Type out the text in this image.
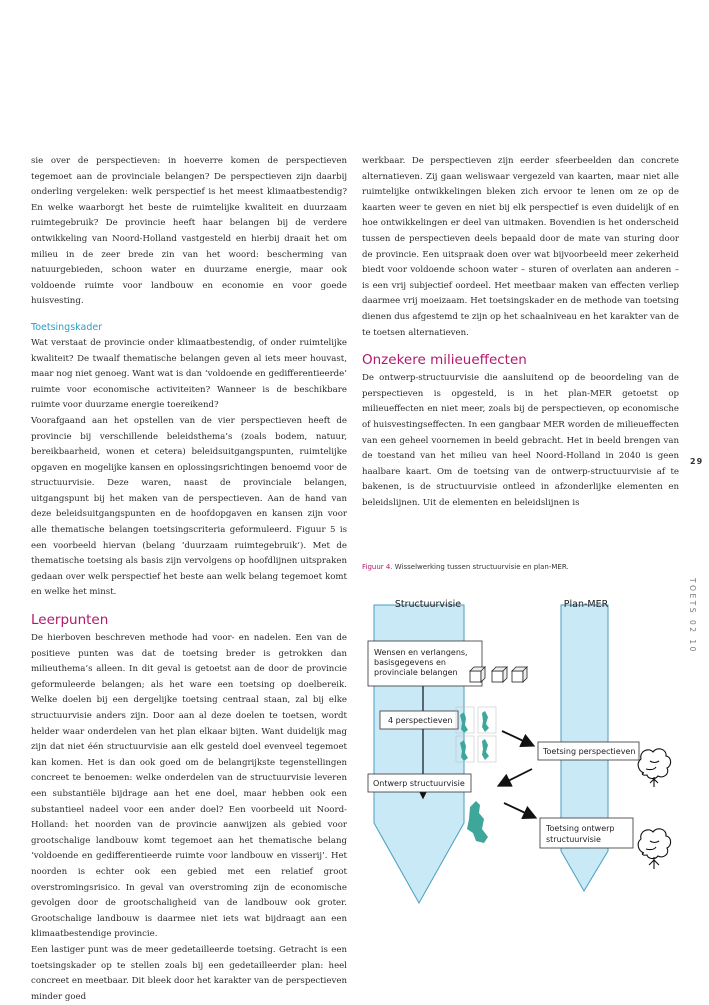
sie over de perspectieven: in hoeverre komen de perspectieven tegemoet aan de provinciale belangen? De perspectieven zijn daarbij onderling vergeleken: welk perspectief is het meest klimaatbestendig? En welke waarborgt het beste de ruimtelijke kwaliteit en duurzaam ruimtegebruik? De provincie heeft haar belangen bij de verdere ontwikkeling van Noord-Holland vastgesteld en hierbij draait het om milieu in de zeer brede zin van het woord: bescherming van natuurgebieden, schoon water en duurzame energie, maar ook voldoende ruimte voor landbouw en economie en voor goede huisvesting.

Toetsingskader

Wat verstaat de provincie onder klimaatbestendig, of onder ruimtelijke kwaliteit? De twaalf thematische belangen geven al iets meer houvast, maar nog niet genoeg. Want wat is dan ‘voldoende en gedifferentieerde’ ruimte voor economische activiteiten? Wanneer is de beschikbare ruimte voor duurzame energie toereikend?

Voorafgaand aan het opstellen van de vier perspectieven heeft de provincie bij verschillende beleidsthema’s (zoals bodem, natuur, bereikbaarheid, wonen et cetera) beleidsuitgangspunten, ruimtelijke opgaven en mogelijke kansen en oplossingsrichtingen benoemd voor de structuurvisie. Deze waren, naast de provinciale belangen, uitgangspunt bij het maken van de perspectieven. Aan de hand van deze beleidsuitgangspunten en de hoofdopgaven en kansen zijn voor alle thematische belangen toetsingscriteria geformuleerd. Figuur 5 is een voorbeeld hiervan (belang ‘duurzaam ruimtegebruik’). Met de thematische toetsing als basis zijn vervolgens op hoofdlijnen uitspraken gedaan over welk perspectief het beste aan welk belang tegemoet komt en welke het minst.

Leerpunten

De hierboven beschreven methode had voor- en nadelen. Een van de positieve punten was dat de toetsing breder is getrokken dan milieuthema’s alleen. In dit geval is getoetst aan de door de provincie geformuleerde belangen; als het ware een toetsing op doelbereik. Welke doelen bij een dergelijke toetsing centraal staan, zal bij elke structuurvisie anders zijn. Door aan al deze doelen te toetsen, wordt helder waar onderdelen van het plan elkaar bijten. Want duidelijk mag zijn dat niet één structuurvisie aan elk gesteld doel evenveel tegemoet kan komen. Het is dan ook goed om de belangrijkste tegenstellingen concreet te benoemen: welke onderdelen van de structuurvisie leveren een substantiële bijdrage aan het ene doel, maar hebben ook een substantieel nadeel voor een ander doel? Een voorbeeld uit Noord-Holland: het noorden van de provincie aanwijzen als gebied voor grootschalige landbouw komt tegemoet aan het thematische belang ‘voldoende en gedifferentieerde ruimte voor landbouw en visserij’. Het noorden is echter ook een gebied met een relatief groot overstromingsrisico. In geval van overstroming zijn de economische gevolgen door de grootschaligheid van de landbouw ook groter. Grootschalige landbouw is daarmee niet iets wat bijdraagt aan een klimaatbestendige provincie.

Een lastiger punt was de meer gedetailleerde toetsing. Getracht is een toetsingskader op te stellen zoals bij een gedetailleerder plan: heel concreet en meetbaar. Dit bleek door het karakter van de perspectieven minder goed

werkbaar. De perspectieven zijn eerder sfeerbeelden dan concrete alternatieven. Zij gaan weliswaar vergezeld van kaarten, maar niet alle ruimtelijke ontwikkelingen bleken zich ervoor te lenen om ze op de kaarten weer te geven en niet bij elk perspectief is even duidelijk of en hoe ontwikkelingen er deel van uitmaken. Bovendien is het onderscheid tussen de perspectieven deels bepaald door de mate van sturing door de provincie. Een uitspraak doen over wat bijvoorbeeld meer zekerheid biedt voor voldoende schoon water – sturen of overlaten aan anderen – is een vrij subjectief oordeel. Het meetbaar maken van effecten verliep daarmee vrij moeizaam. Het toetsingskader en de methode van toetsing dienen dus afgestemd te zijn op het schaalniveau en het karakter van de te toetsen alternatieven.

Onzekere milieueffecten

De ontwerp-structuurvisie die aansluitend op de beoordeling van de perspectieven is opgesteld, is in het plan-MER getoetst op milieueffecten en niet meer, zoals bij de perspectieven, op economische of huisvestingseffecten. In een gangbaar MER worden de milieueffecten van een geheel voornemen in beeld gebracht. Het in beeld brengen van de toestand van het milieu van heel Noord-Holland in 2040 is geen haalbare kaart. Om de toetsing van de ontwerp-structuurvisie af te bakenen, is de structuurvisie ontleed in afzonderlijke elementen en beleidslijnen. Uit de elementen en beleidslijnen is

29
TOETS 02 10
Figuur 4. Wisselwerking tussen structuurvisie en plan-MER.
Structuurvisie	Plan-MER
Wensen en verlangens,
basisgegevens en
provinciale belangen
4 perspectieven
Toetsing perspectieven
Ontwerp structuurvisie
Toetsing ontwerp
structuurvisie
